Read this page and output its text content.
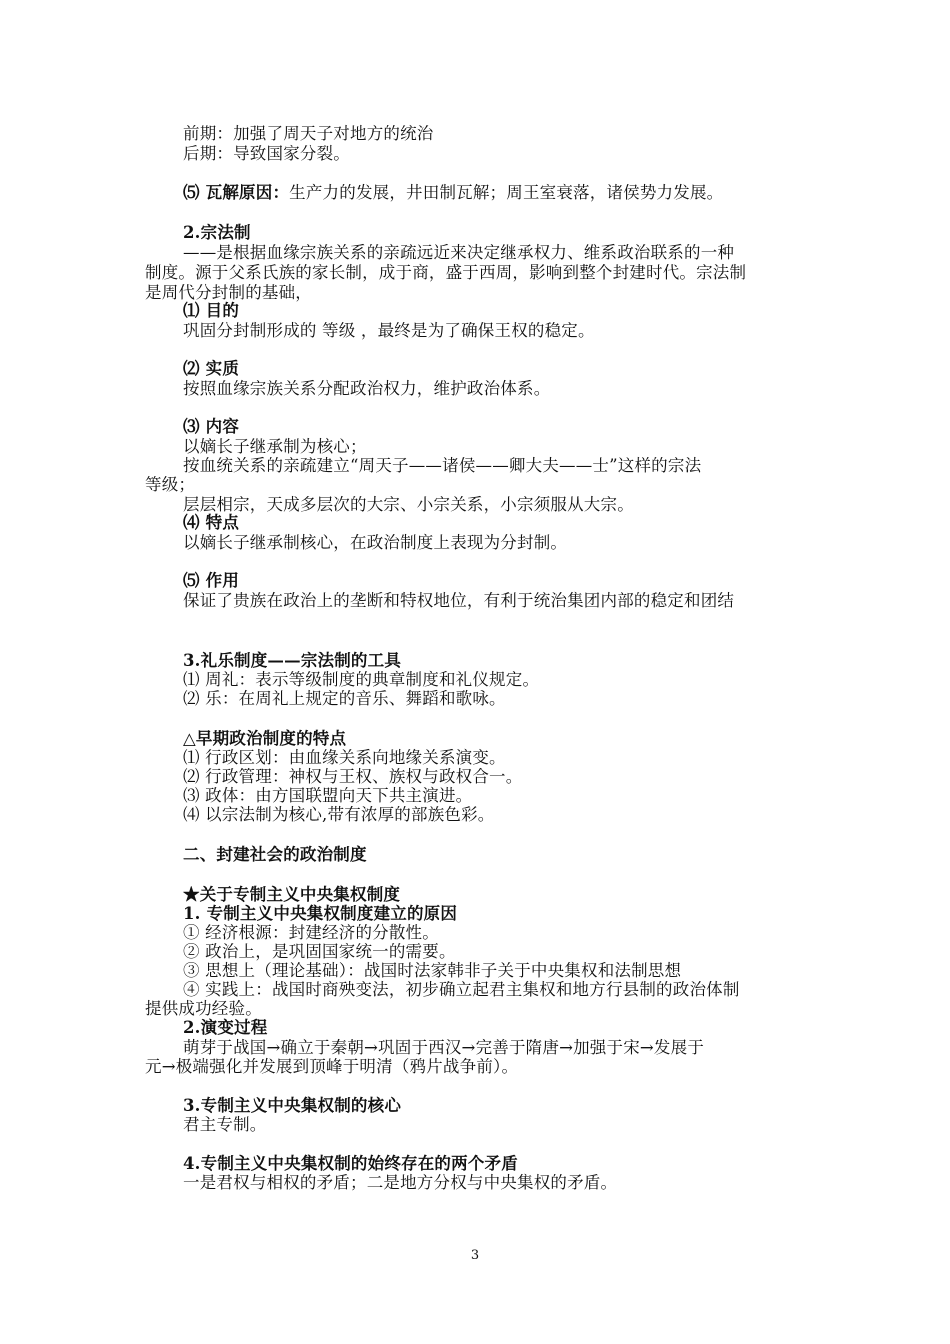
前期：加强了周天子对地方的统治
后期：导致国家分裂。
⑸ 瓦解原因：生产力的发展，井田制瓦解；周王室衰落，诸侯势力发展。
2.宗法制
——是根据血缘宗族关系的亲疏远近来决定继承权力、维系政治联系的一种
制度。源于父系氏族的家长制，成于商，盛于西周，影响到整个封建时代。宗法制
是周代分封制的基础，
⑴ 目的
巩固分封制形成的 等级 ，最终是为了确保王权的稳定。
⑵ 实质
按照血缘宗族关系分配政治权力，维护政治体系。
⑶ 内容
以嫡长子继承制为核心；
按血统关系的亲疏建立“周天子——诸侯——卿大夫——士”这样的宗法
等级；
层层相宗，天成多层次的大宗、小宗关系，小宗须服从大宗。
⑷ 特点
以嫡长子继承制核心，在政治制度上表现为分封制。
⑸ 作用
保证了贵族在政治上的垄断和特权地位，有利于统治集团内部的稳定和团结
3.礼乐制度——宗法制的工具
⑴ 周礼：表示等级制度的典章制度和礼仪规定。
⑵ 乐：在周礼上规定的音乐、舞蹈和歌咏。
△早期政治制度的特点
⑴ 行政区划：由血缘关系向地缘关系演变。
⑵ 行政管理：神权与王权、族权与政权合一。
⑶ 政体：由方国联盟向天下共主演进。
⑷ 以宗法制为核心,带有浓厚的部族色彩。
二、封建社会的政治制度
★关于专制主义中央集权制度
1. 专制主义中央集权制度建立的原因
① 经济根源：封建经济的分散性。
② 政治上，是巩固国家统一的需要。
③ 思想上（理论基础）：战国时法家韩非子关于中央集权和法制思想
④ 实践上：战国时商殃变法，初步确立起君主集权和地方行县制的政治体制
提供成功经验。
2.演变过程
萌芽于战国→确立于秦朝→巩固于西汉→完善于隋唐→加强于宋→发展于
元→极端强化并发展到顶峰于明清（鸦片战争前）。
3.专制主义中央集权制的核心
君主专制。
4.专制主义中央集权制的始终存在的两个矛盾
一是君权与相权的矛盾；二是地方分权与中央集权的矛盾。
3
